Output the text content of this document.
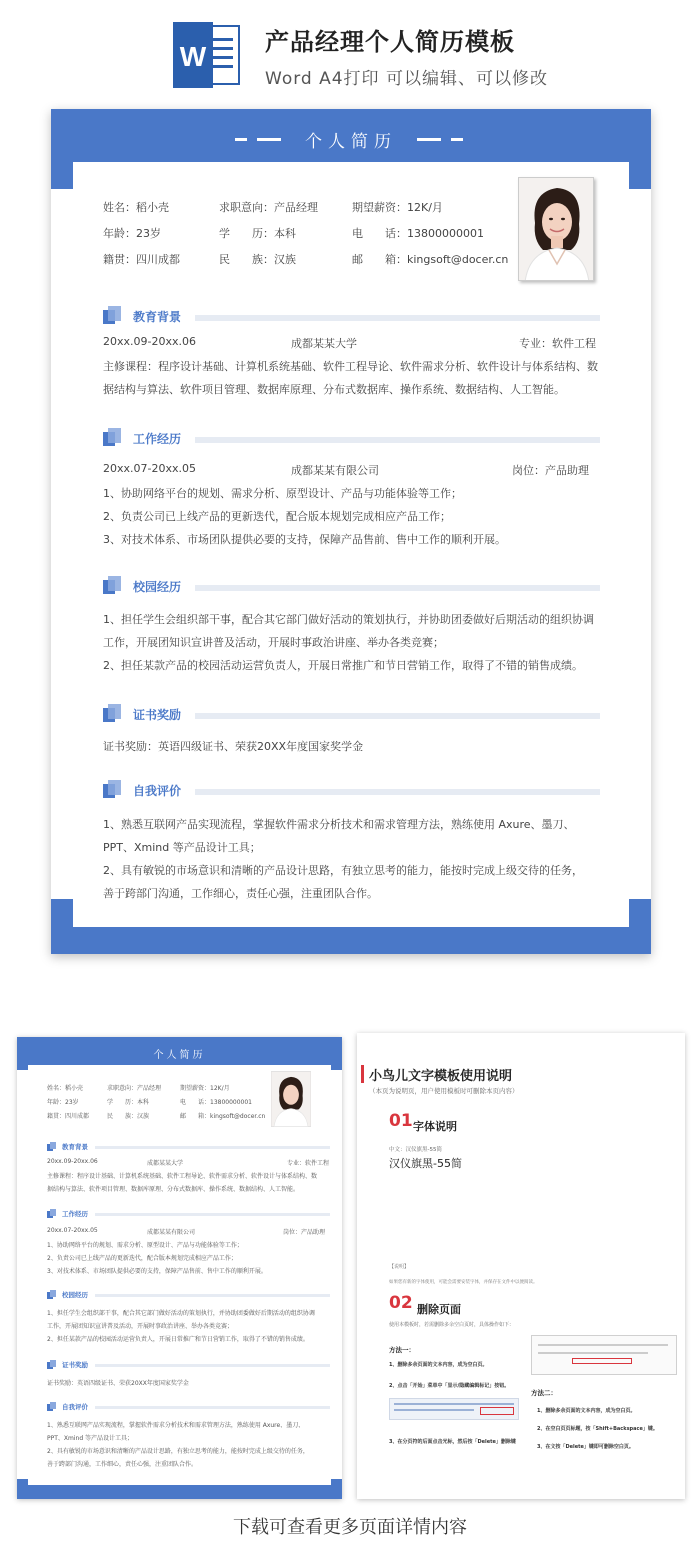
W 产品经理个人简历模板
Word A4打印 可以编辑、可以修改
个人简历
姓名：稻小壳	求职意向：产品经理	期望薪资：12K/月
年龄：23岁	学　　历：本科	电　　话：13800000001
籍贯：四川成都	民　　族：汉族	邮　　箱：kingsoft@docer.cn
教育背景
20xx.09-20xx.06	成都某某大学	专业：软件工程
主修课程：程序设计基础、计算机系统基础、软件工程导论、软件需求分析、软件设计与体系结构、数
据结构与算法、软件项目管理、数据库原理、分布式数据库、操作系统、数据结构、人工智能。
工作经历
20xx.07-20xx.05	成都某某有限公司	岗位：产品助理
1、协助网络平台的规划、需求分析、原型设计、产品与功能体验等工作；
2、负责公司已上线产品的更新迭代，配合版本规划完成相应产品工作；
3、对技术体系、市场团队提供必要的支持，保障产品售前、售中工作的顺利开展。
校园经历
1、担任学生会组织部干事，配合其它部门做好活动的策划执行，并协助团委做好后期活动的组织协调
工作，开展团知识宣讲普及活动，开展时事政治讲座、举办各类竞赛；
2、担任某款产品的校园活动运营负责人，开展日常推广和节日营销工作，取得了不错的销售成绩。
证书奖励
证书奖励：英语四级证书、荣获20XX年度国家奖学金
自我评价
1、熟悉互联网产品实现流程，掌握软件需求分析技术和需求管理方法，熟练使用 Axure、墨刀、
PPT、Xmind 等产品设计工具；
2、具有敏锐的市场意识和清晰的产品设计思路，有独立思考的能力，能按时完成上级交待的任务，
善于跨部门沟通，工作细心，责任心强，注重团队合作。
个人简历
姓名：稻小壳	求职意向：产品经理	期望薪资：12K/月
年龄：23岁	学　　历：本科	电　　话：13800000001
籍贯：四川成都	民　　族：汉族	邮　　箱：kingsoft@docer.cn
教育背景
20xx.09-20xx.06	成都某某大学	专业：软件工程
主修课程：程序设计基础、计算机系统基础、软件工程导论、软件需求分析、软件设计与体系结构、数
据结构与算法、软件项目管理、数据库原理、分布式数据库、操作系统、数据结构、人工智能。
工作经历
20xx.07-20xx.05	成都某某有限公司	岗位：产品助理
1、协助网络平台的规划、需求分析、原型设计、产品与功能体验等工作；
2、负责公司已上线产品的更新迭代，配合版本规划完成相应产品工作；
3、对技术体系、市场团队提供必要的支持，保障产品售前、售中工作的顺利开展。
校园经历
1、担任学生会组织部干事，配合其它部门做好活动的策划执行，并协助团委做好后期活动的组织协调
工作，开展团知识宣讲普及活动，开展时事政治讲座、举办各类竞赛；
2、担任某款产品的校园活动运营负责人，开展日常推广和节日营销工作，取得了不错的销售成绩。
证书奖励
证书奖励：英语四级证书、荣获20XX年度国家奖学金
自我评价
1、熟悉互联网产品实现流程，掌握软件需求分析技术和需求管理方法，熟练使用 Axure、墨刀、
PPT、Xmind 等产品设计工具；
2、具有敏锐的市场意识和清晰的产品设计思路，有独立思考的能力，能按时完成上级交待的任务，
善于跨部门沟通，工作细心，责任心强，注重团队合作。
小鸟儿文字模板使用说明
（本页为说明页，用户使用模板时可删除本页内容）
01 字体说明
中文：汉仪旗黑-55简
汉仪旗黑-55简
【说明】
如果您有新的字体使用，可能会需要安装字体，并保存在文件中以便阅读。
02 删除页面
使用本模板时，若需删除多余空白页时，具体操作如下：
方法一：
1、删除多余页面的文本内容，成为空白页。
2、点击「开始」菜单中「显示/隐藏编辑标记」按钮。
3、在分页符的后面点击光标，然后按「Delete」删除键
方法二：
1、删除多余页面的文本内容，成为空白页。
2、在空白页页标题，按「Shift+Backspace」键。
3、在文按「Delete」键即可删除空白页。
下载可查看更多页面详情内容
